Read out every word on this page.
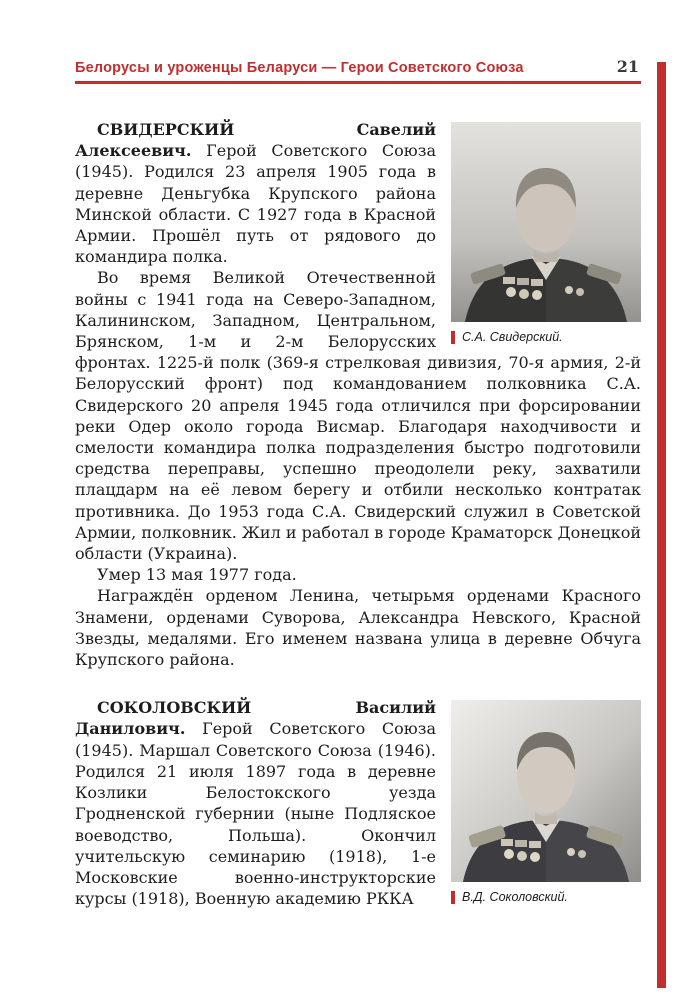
Белорусы и уроженцы Беларуси — Герои Советского Союза	21
С.А. Свидерский.

СВИДЕРСКИЙ Савелий Алексеевич. Герой Советского Союза (1945). Родился 23 апреля 1905 года в деревне Деньгубка Крупского района Минской области. С 1927 года в Красной Армии. Прошёл путь от рядового до командира полка.

Во время Великой Отечественной войны с 1941 года на Северо-Западном, Калининском, Западном, Центральном, Брянском, 1-м и 2-м Белорусских фронтах. 1225-й полк (369-я стрелковая дивизия, 70-я армия, 2-й Белорусский фронт) под командованием полковника С.А. Свидерского 20 апреля 1945 года отличился при форсировании реки Одер около города Висмар. Благодаря находчивости и смелости командира полка подразделения быстро подготовили средства переправы, успешно преодолели реку, захватили плацдарм на её левом берегу и отбили несколько контратак противника. До 1953 года С.А. Свидерский служил в Советской Армии, полковник. Жил и работал в городе Краматорск Донецкой области (Украина).

Умер 13 мая 1977 года.

Награждён орденом Ленина, четырьмя орденами Красного Знамени, орденами Суворова, Александра Невского, Красной Звезды, медалями. Его именем названа улица в деревне Обчуга Крупского района.

В.Д. Соколовский.

СОКОЛОВСКИЙ Василий Данилович. Герой Советского Союза (1945). Маршал Советского Союза (1946). Родился 21 июля 1897 года в деревне Козлики Белостокского уезда Гродненской губернии (ныне Подляское воеводство, Польша). Окончил учительскую семинарию (1918), 1-е Московские военно-инструкторские курсы (1918), Военную академию РККА
